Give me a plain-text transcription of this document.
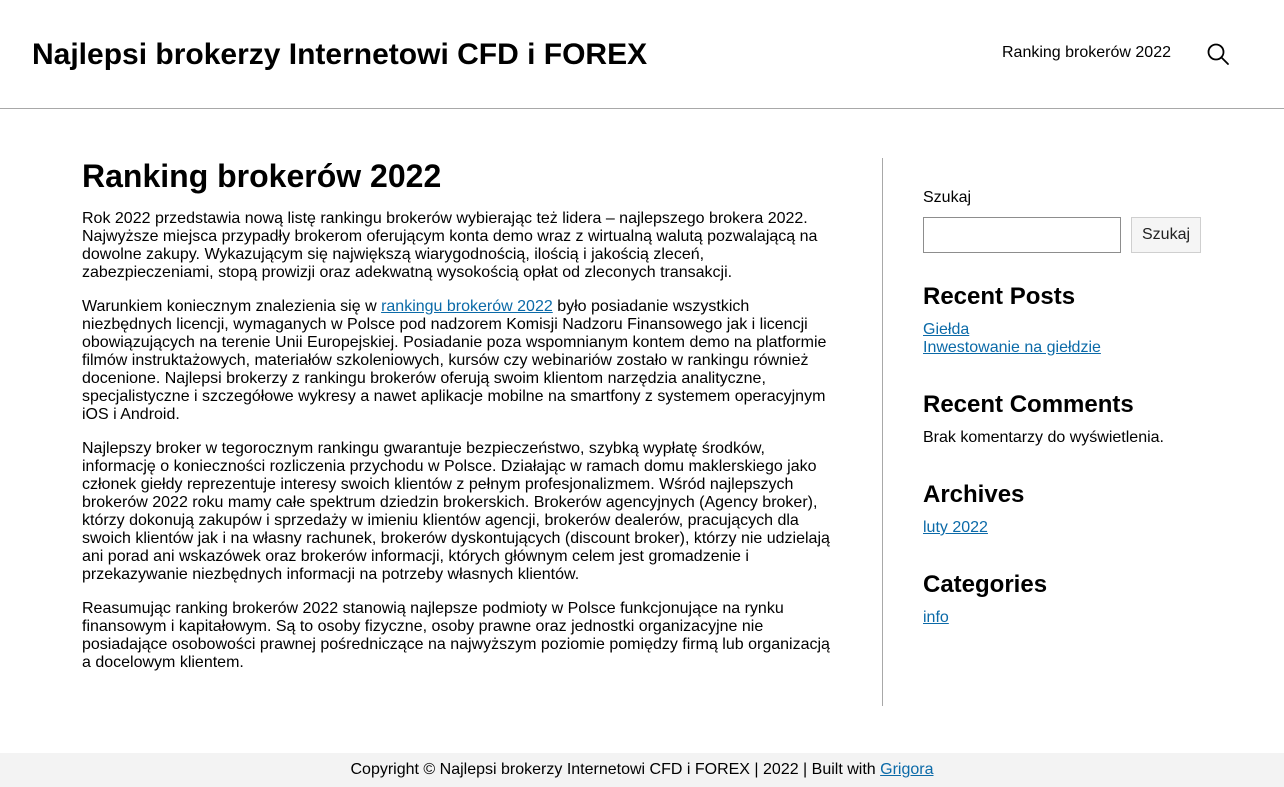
Najlepsi brokerzy Internetowi CFD i FOREX	Ranking brokerów 2022
Ranking brokerów 2022

Rok 2022 przedstawia nową listę rankingu brokerów wybierając też lidera – najlepszego brokera 2022. Najwyższe miejsca przypadły brokerom oferującym konta demo wraz z wirtualną walutą pozwalającą na dowolne zakupy. Wykazującym się największą wiarygodnością, ilością i jakością zleceń, zabezpieczeniami, stopą prowizji oraz adekwatną wysokością opłat od zleconych transakcji.

Warunkiem koniecznym znalezienia się w rankingu brokerów 2022 było posiadanie wszystkich niezbędnych licencji, wymaganych w Polsce pod nadzorem Komisji Nadzoru Finansowego jak i licencji obowiązujących na terenie Unii Europejskiej. Posiadanie poza wspomnianym kontem demo na platformie filmów instruktażowych, materiałów szkoleniowych, kursów czy webinariów zostało w rankingu również docenione. Najlepsi brokerzy z rankingu brokerów oferują swoim klientom narzędzia analityczne, specjalistyczne i szczegółowe wykresy a nawet aplikacje mobilne na smartfony z systemem operacyjnym iOS i Android.

Najlepszy broker w tegorocznym rankingu gwarantuje bezpieczeństwo, szybką wypłatę środków, informację o konieczności rozliczenia przychodu w Polsce. Działając w ramach domu maklerskiego jako członek giełdy reprezentuje interesy swoich klientów z pełnym profesjonalizmem. Wśród najlepszych brokerów 2022 roku mamy całe spektrum dziedzin brokerskich. Brokerów agencyjnych (Agency broker), którzy dokonują zakupów i sprzedaży w imieniu klientów agencji, brokerów dealerów, pracujących dla swoich klientów jak i na własny rachunek, brokerów dyskontujących (discount broker), którzy nie udzielają ani porad ani wskazówek oraz brokerów informacji, których głównym celem jest gromadzenie i przekazywanie niezbędnych informacji na potrzeby własnych klientów.

Reasumując ranking brokerów 2022 stanowią najlepsze podmioty w Polsce funkcjonujące na rynku finansowym i kapitałowym. Są to osoby fizyczne, osoby prawne oraz jednostki organizacyjne nie posiadające osobowości prawnej pośredniczące na najwyższym poziomie pomiędzy firmą lub organizacją a docelowym klientem.

Szukaj
Szukaj
Recent Posts
Giełda
Inwestowanie na giełdzie
Recent Comments

Brak komentarzy do wyświetlenia.

Archives
luty 2022
Categories
info
Copyright © Najlepsi brokerzy Internetowi CFD i FOREX | 2022 | Built with Grigora
